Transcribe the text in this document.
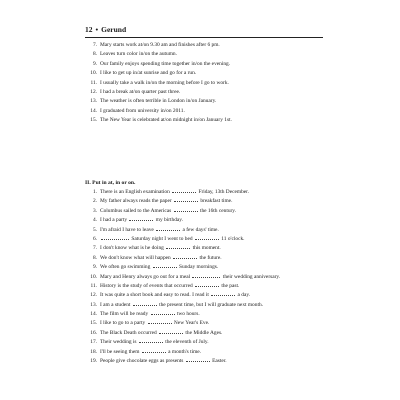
12 • Gerund
7. Mary starts work at/on 9.30 am and finishes after 6 pm.
8. Leaves turn color in/on the autumn.
9. Our family enjoys spending time together in/on the evening.
10. I like to get up in/at sunrise and go for a run.
11. I usually take a walk in/on the morning before I go to work.
12. I had a break at/on quarter past three.
13. The weather is often terrible in London in/on January.
14. I graduated from university in/on 2011.
15. The New Year is celebrated at/on midnight in/on January 1st.
II. Put in at, in or on.
1. There is an English examination	Friday, 13th December.
2. My father always reads the paper	breakfast time.
3. Columbus sailed to the Americas	the 16th century.
4. I had a party	my birthday.
5. I'm afraid I have to leave	a few days' time.
6.	Saturday night I went to bed	11 o'clock.
7. I don't know what is he doing	this moment.
8. We don't know what will happen	the future.
9. We often go swimming	Sunday mornings.
10. Mary and Henry always go out for a meal	their wedding anniversary.
11. History is the study of events that occurred	the past.
12. It was quite a short book and easy to read. I read it	a day.
13. I am a student	the present time, but I will graduate next month.
14. The film will be ready	two hours.
15. I like to go to a party	New Year's Eve.
16. The Black Death occurred	the Middle Ages.
17. Their wedding is	the eleventh of July.
18. I'll be seeing them	a month's time.
19. People give chocolate eggs as presents	Easter.
